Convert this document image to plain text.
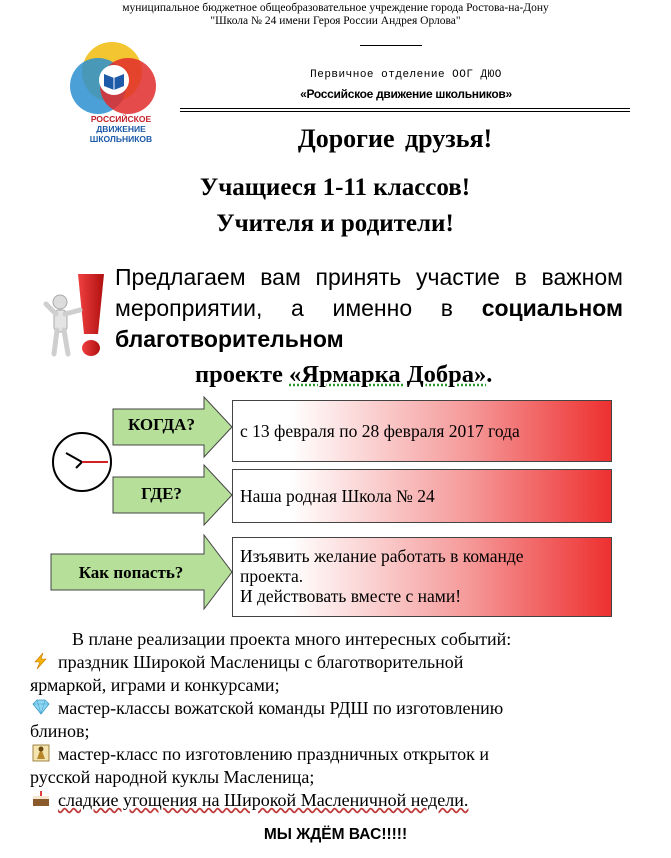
муниципальное бюджетное общеобразовательное учреждение города Ростова-на-Дону
"Школа № 24 имени Героя России Андрея Орлова"
РОССИЙСКОЕ
ДВИЖЕНИЕ ШКОЛЬНИКОВ
Первичное отделение ООГ ДЮО
«Российское движение школьников»
Дорогие друзья!
Учащиеся 1-11 классов!
Учителя и родители!
Предлагаем вам принять участие в важном
мероприятии, а именно в социальном
благотворительном
проекте «Ярмарка Добра».
КОГДА?	с 13 февраля по 28 февраля 2017 года
ГДЕ?	Наша родная Школа № 24
Как попасть?
Изъявить желание работать в команде
проекта.
И действовать вместе с нами!
В плане реализации проекта много интересных событий:
праздник Широкой Масленицы с благотворительной
ярмаркой, играми и конкурсами;
мастер-классы вожатской команды РДШ по изготовлению
блинов;
мастер-класс по изготовлению праздничных открыток и
русской народной куклы Масленица;
сладкие угощения на Широкой Масленичной недели.
МЫ ЖДЁМ ВАС!!!!!
